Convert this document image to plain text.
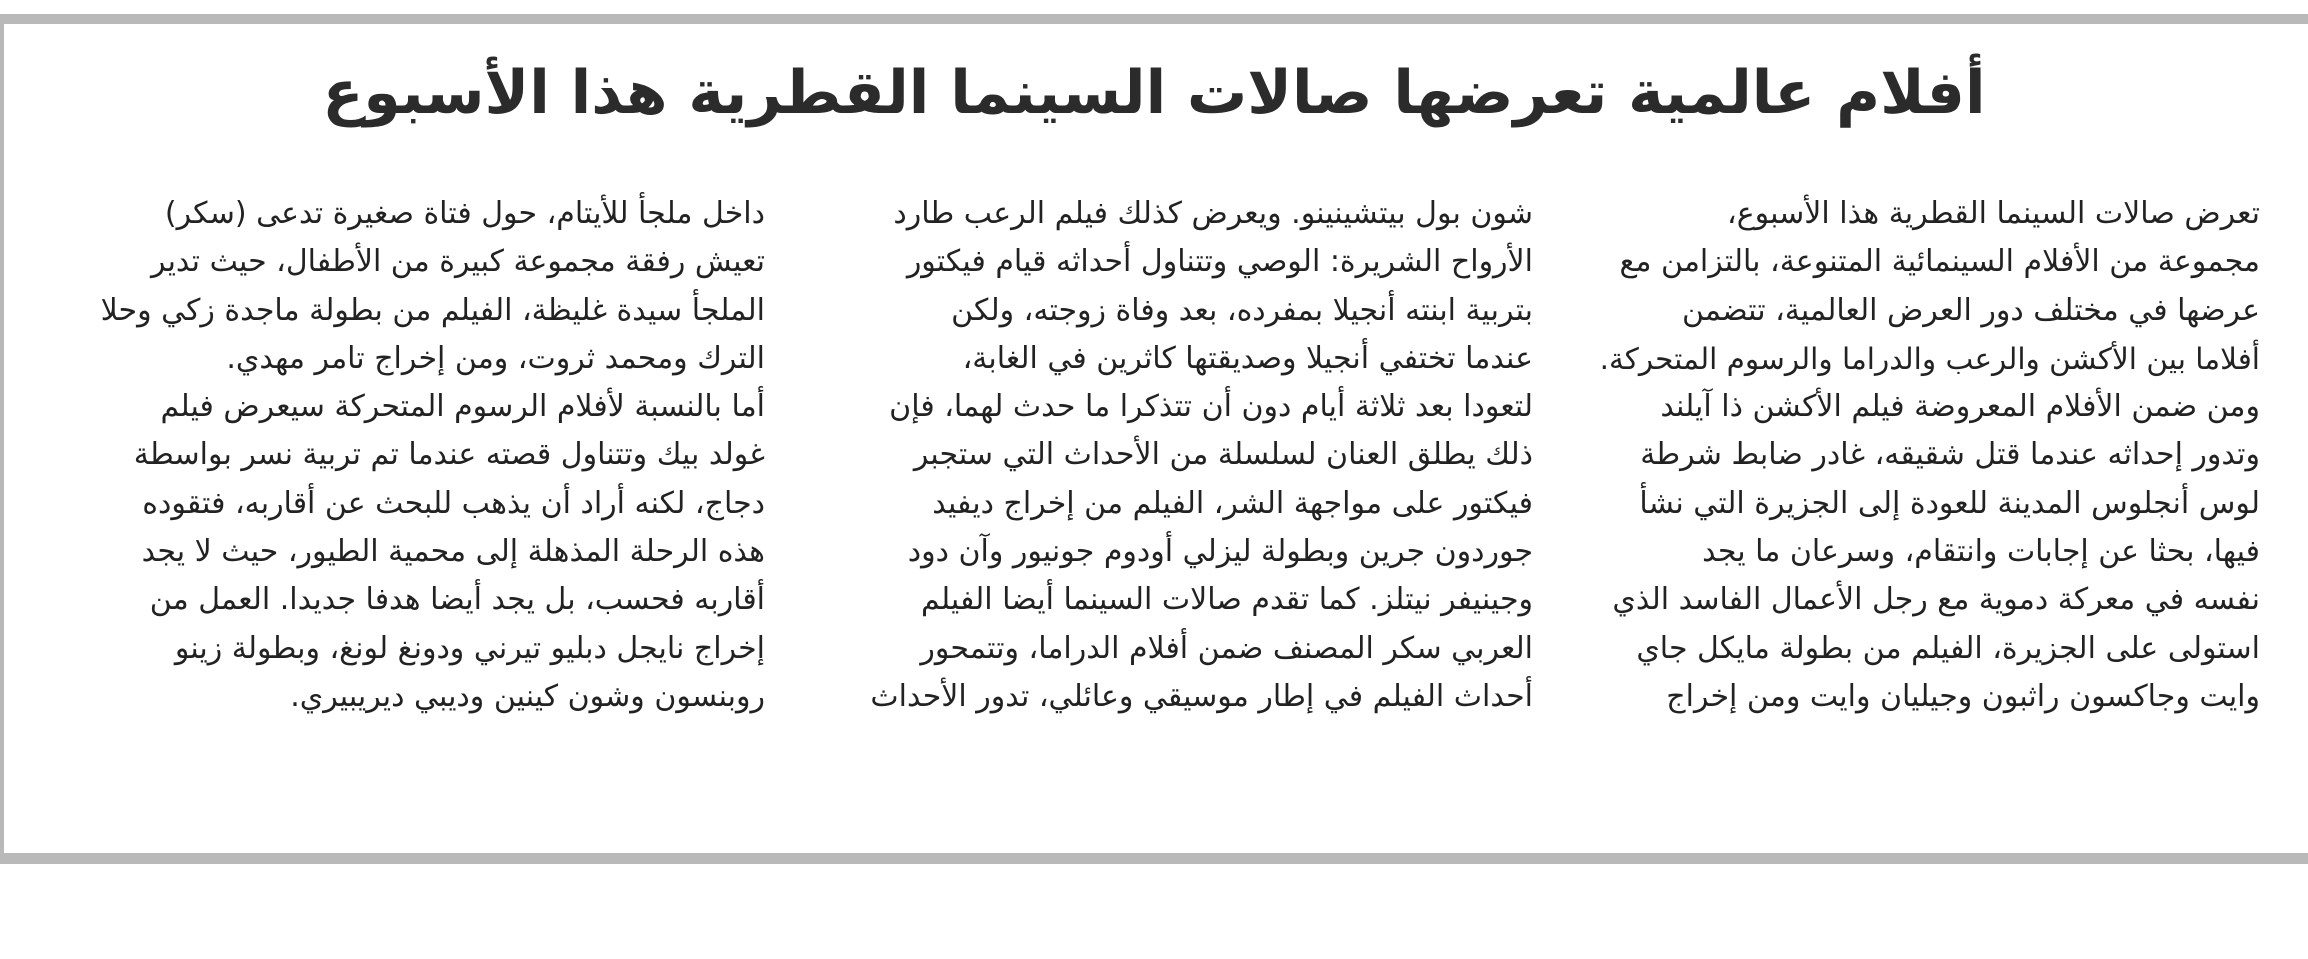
أفلام عالمية تعرضها صالات السينما القطرية هذا الأسبوع
تعرض صالات السينما القطرية هذا الأسبوع،
مجموعة من الأفلام السينمائية المتنوعة، بالتزامن مع
عرضها في مختلف دور العرض العالمية، تتضمن
أفلاما بين الأكشن والرعب والدراما والرسوم المتحركة.
ومن ضمن الأفلام المعروضة فيلم الأكشن ذا آيلند
وتدور إحداثه عندما قتل شقيقه، غادر ضابط شرطة
لوس أنجلوس المدينة للعودة إلى الجزيرة التي نشأ
فيها، بحثا عن إجابات وانتقام، وسرعان ما يجد
نفسه في معركة دموية مع رجل الأعمال الفاسد الذي
استولى على الجزيرة، الفيلم من بطولة مايكل جاي
وايت وجاكسون راثبون وجيليان وايت ومن إخراج
شون بول بيتشينينو. ويعرض كذلك فيلم الرعب طارد
الأرواح الشريرة: الوصي وتتناول أحداثه قيام فيكتور
بتربية ابنته أنجيلا بمفرده، بعد وفاة زوجته، ولكن
عندما تختفي أنجيلا وصديقتها كاثرين في الغابة،
لتعودا بعد ثلاثة أيام دون أن تتذكرا ما حدث لهما، فإن
ذلك يطلق العنان لسلسلة من الأحداث التي ستجبر
فيكتور على مواجهة الشر، الفيلم من إخراج ديفيد
جوردون جرين وبطولة ليزلي أودوم جونيور وآن دود
وجينيفر نيتلز. كما تقدم صالات السينما أيضا الفيلم
العربي سكر المصنف ضمن أفلام الدراما، وتتمحور
أحداث الفيلم في إطار موسيقي وعائلي، تدور الأحداث
داخل ملجأ للأيتام، حول فتاة صغيرة تدعى (سكر)
تعيش رفقة مجموعة كبيرة من الأطفال، حيث تدير
الملجأ سيدة غليظة، الفيلم من بطولة ماجدة زكي وحلا
الترك ومحمد ثروت، ومن إخراج تامر مهدي.
أما بالنسبة لأفلام الرسوم المتحركة سيعرض فيلم
غولد بيك وتتناول قصته عندما تم تربية نسر بواسطة
دجاج، لكنه أراد أن يذهب للبحث عن أقاربه، فتقوده
هذه الرحلة المذهلة إلى محمية الطيور، حيث لا يجد
أقاربه فحسب، بل يجد أيضا هدفا جديدا. العمل من
إخراج نايجل دبليو تيرني ودونغ لونغ، وبطولة زينو
روبنسون وشون كينين وديبي ديريبيري.
